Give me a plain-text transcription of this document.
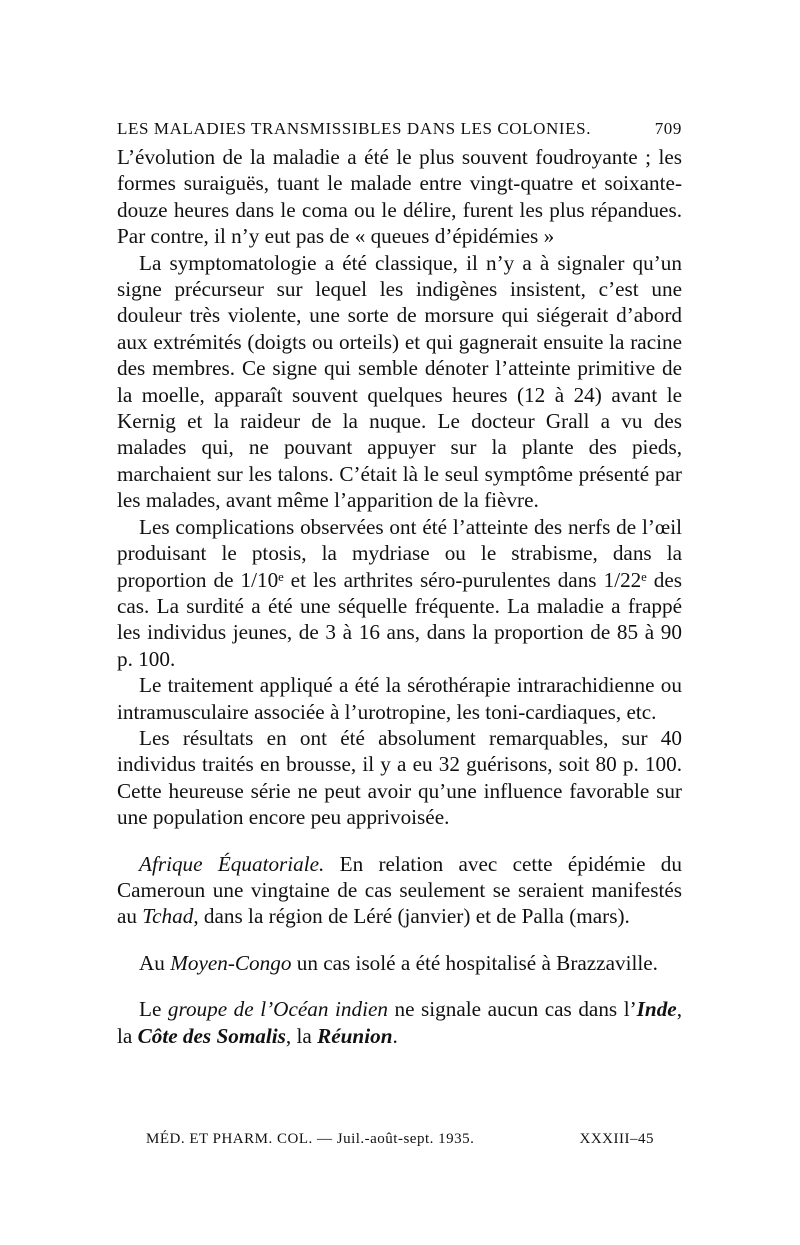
LES MALADIES TRANSMISSIBLES DANS LES COLONIES.	709

L’évolution de la maladie a été le plus souvent foudroyante ; les formes suraiguës, tuant le malade entre vingt-quatre et soixante-douze heures dans le coma ou le délire, furent les plus répandues. Par contre, il n’y eut pas de « queues d’épidémies »

La symptomatologie a été classique, il n’y a à signaler qu’un signe précurseur sur lequel les indigènes insistent, c’est une douleur très violente, une sorte de morsure qui siégerait d’abord aux extrémités (doigts ou orteils) et qui gagnerait ensuite la racine des membres. Ce signe qui semble dénoter l’atteinte primitive de la moelle, apparaît souvent quelques heures (12 à 24) avant le Kernig et la raideur de la nuque. Le docteur Grall a vu des malades qui, ne pouvant appuyer sur la plante des pieds, marchaient sur les talons. C’était là le seul symptôme présenté par les malades, avant même l’apparition de la fièvre.

Les complications observées ont été l’atteinte des nerfs de l’œil produisant le ptosis, la mydriase ou le strabisme, dans la proportion de 1/10ᵉ et les arthrites séro-purulentes dans 1/22ᵉ des cas. La surdité a été une séquelle fréquente. La maladie a frappé les individus jeunes, de 3 à 16 ans, dans la proportion de 85 à 90 p. 100.

Le traitement appliqué a été la sérothérapie intrarachidienne ou intramusculaire associée à l’urotropine, les toni-cardiaques, etc.

Les résultats en ont été absolument remarquables, sur 40 individus traités en brousse, il y a eu 32 guérisons, soit 80 p. 100. Cette heureuse série ne peut avoir qu’une influence favorable sur une population encore peu apprivoisée.

Afrique Équatoriale. En relation avec cette épidémie du Cameroun une vingtaine de cas seulement se seraient manifestés au Tchad, dans la région de Léré (janvier) et de Palla (mars).

Au Moyen-Congo un cas isolé a été hospitalisé à Brazzaville.

Le groupe de l’Océan indien ne signale aucun cas dans l’Inde, la Côte des Somalis, la Réunion.

MÉD. ET PHARM. COL. — Juil.-août-sept. 1935.	XXXIII–45
